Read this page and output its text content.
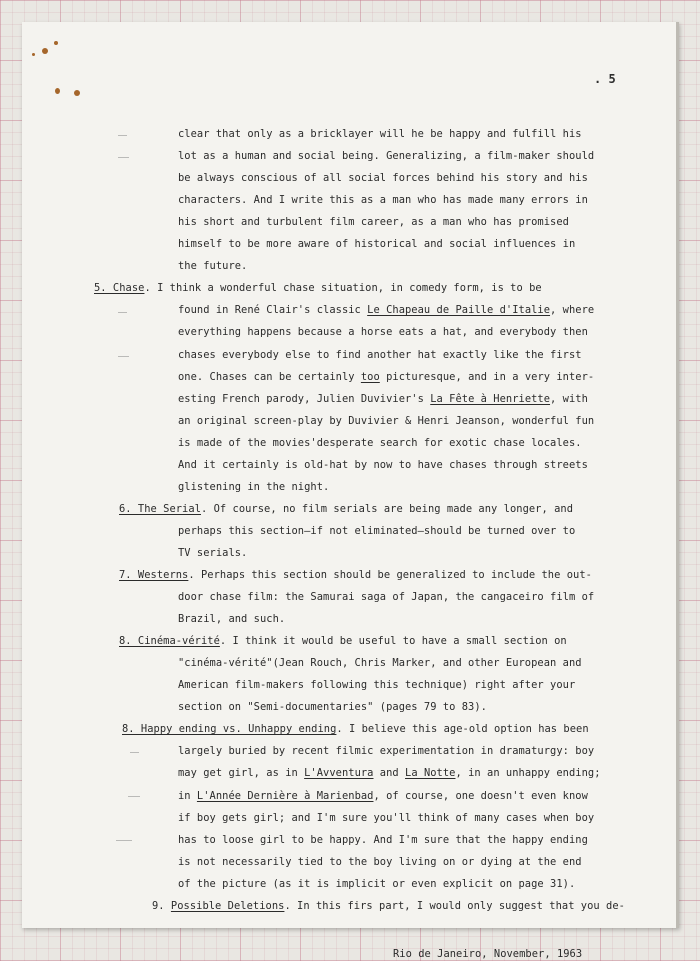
. 5
clear that only as a bricklayer will he be happy and fulfill his
lot as a human and social being. Generalizing, a film-maker should
be always conscious of all social forces behind his story and his
characters. And I write this as a man who has made many errors in
his short and turbulent film career, as a man who has promised
himself to be more aware of historical and social influences in
the future.
5. Chase. I think a wonderful chase situation, in comedy form, is to be
found in René Clair's classic Le Chapeau de Paille d'Italie, where
everything happens because a horse eats a hat, and everybody then
chases everybody else to find another hat exactly like the first
one. Chases can be certainly too picturesque, and in a very inter-
esting French parody, Julien Duvivier's La Fête à Henriette, with
an original screen-play by Duvivier & Henri Jeanson, wonderful fun
is made of the movies'desperate search for exotic chase locales.
And it certainly is old-hat by now to have chases through streets
glistening in the night.
6. The Serial. Of course, no film serials are being made any longer, and
perhaps this section—if not eliminated—should be turned over to
TV serials.
7. Westerns. Perhaps this section should be generalized to include the out-
door chase film: the Samurai saga of Japan, the cangaceiro film of
Brazil, and such.
8. Cinéma-vérité. I think it would be useful to have a small section on
"cinéma-vérité"(Jean Rouch, Chris Marker, and other European and
American film-makers following this technique) right after your
section on "Semi-documentaries" (pages 79 to 83).
8. Happy ending vs. Unhappy ending. I believe this age-old option has been
largely buried by recent filmic experimentation in dramaturgy: boy
may get girl, as in L'Avventura and La Notte, in an unhappy ending;
in L'Année Dernière à Marienbad, of course, one doesn't even know
if boy gets girl; and I'm sure you'll think of many cases when boy
has to loose girl to be happy. And I'm sure that the happy ending
is not necessarily tied to the boy living on or dying at the end
of the picture (as it is implicit or even explicit on page 31).
9. Possible Deletions. In this firs part, I would only suggest that you de-
Rio de Janeiro, November, 1963
